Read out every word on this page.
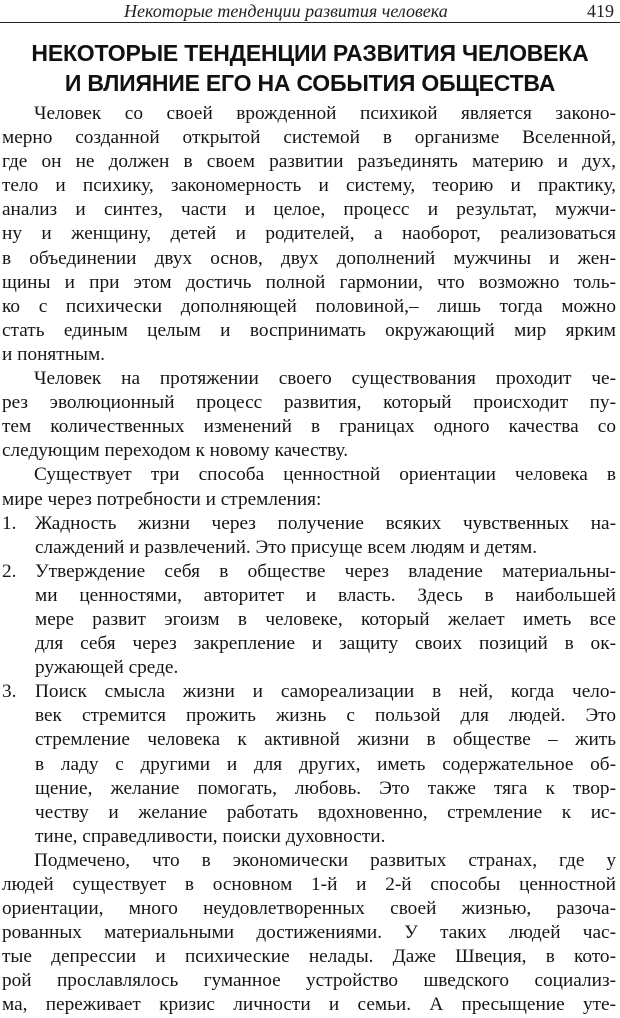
Некоторые тенденции развития человека	419
НЕКОТОРЫЕ ТЕНДЕНЦИИ РАЗВИТИЯ ЧЕЛОВЕКА
И ВЛИЯНИЕ ЕГО НА СОБЫТИЯ ОБЩЕСТВА
Человек со своей врожденной психикой является законо-
мерно созданной открытой системой в организме Вселенной,
где он не должен в своем развитии разъединять материю и дух,
тело и психику, закономерность и систему, теорию и практику,
анализ и синтез, части и целое, процесс и результат, мужчи-
ну и женщину, детей и родителей, а наоборот, реализоваться
в объединении двух основ, двух дополнений мужчины и жен-
щины и при этом достичь полной гармонии, что возможно толь-
ко с психически дополняющей половиной,– лишь тогда можно
стать единым целым и воспринимать окружающий мир ярким
и понятным.
Человек на протяжении своего существования проходит че-
рез эволюционный процесс развития, который происходит пу-
тем количественных изменений в границах одного качества со
следующим переходом к новому качеству.
Существует три способа ценностной ориентации человека в
мире через потребности и стремления:
1. Жадность жизни через получение всяких чувственных на-
слаждений и развлечений. Это присуще всем людям и детям.
2. Утверждение себя в обществе через владение материальны-
ми ценностями, авторитет и власть. Здесь в наибольшей
мере развит эгоизм в человеке, который желает иметь все
для себя через закрепление и защиту своих позиций в ок-
ружающей среде.
3. Поиск смысла жизни и самореализации в ней, когда чело-
век стремится прожить жизнь с пользой для людей. Это
стремление человека к активной жизни в обществе – жить
в ладу с другими и для других, иметь содержательное об-
щение, желание помогать, любовь. Это также тяга к твор-
честву и желание работать вдохновенно, стремление к ис-
тине, справедливости, поиски духовности.
Подмечено, что в экономически развитых странах, где у
людей существует в основном 1-й и 2-й способы ценностной
ориентации, много неудовлетворенных своей жизнью, разоча-
рованных материальными достижениями. У таких людей час-
тые депрессии и психические нелады. Даже Швеция, в кото-
рой прославлялось гуманное устройство шведского социализ-
ма, переживает кризис личности и семьи. А пресыщение уте-
